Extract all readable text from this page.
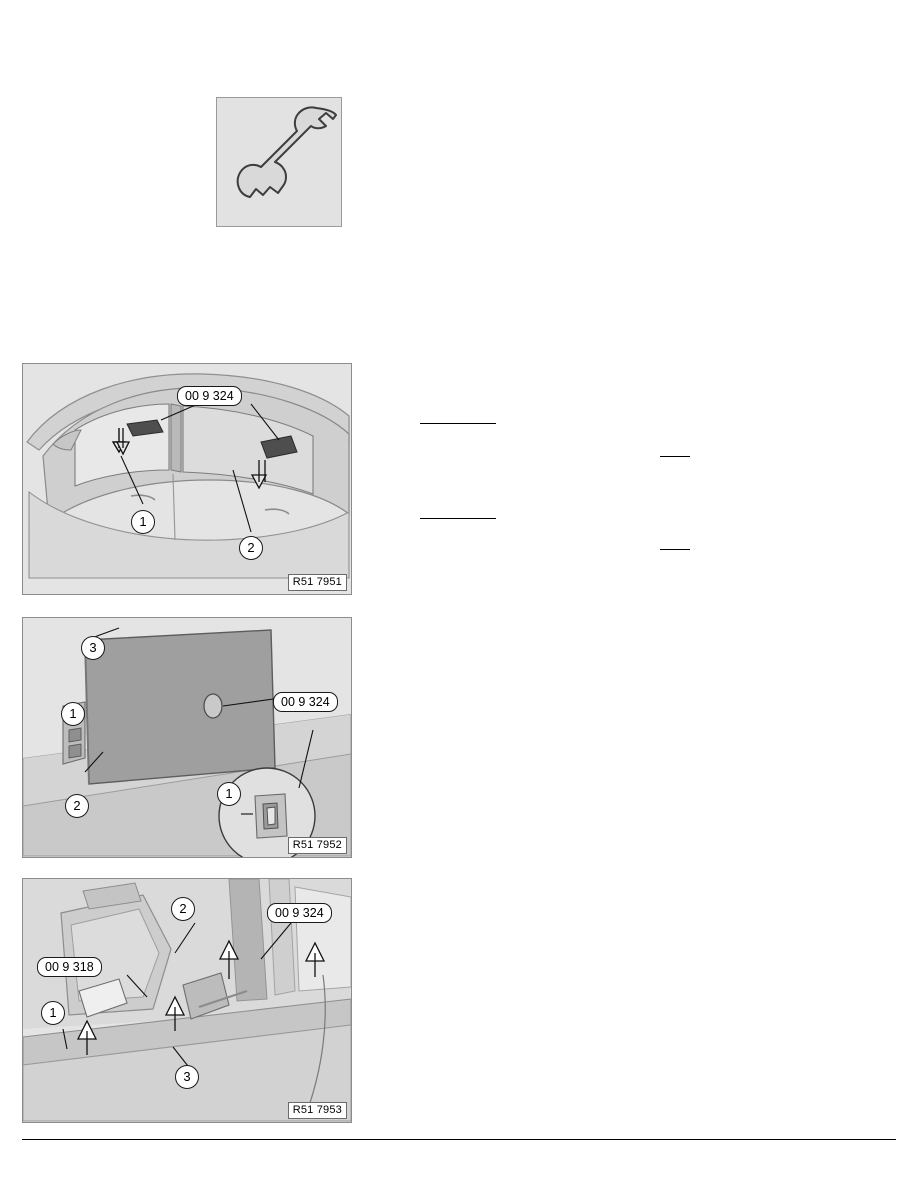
00 9 324
1
2
R51 7951
3
1
2
1
00 9 324
R51 7952
2	00 9 324
00 9 318
1
3
R51 7953
